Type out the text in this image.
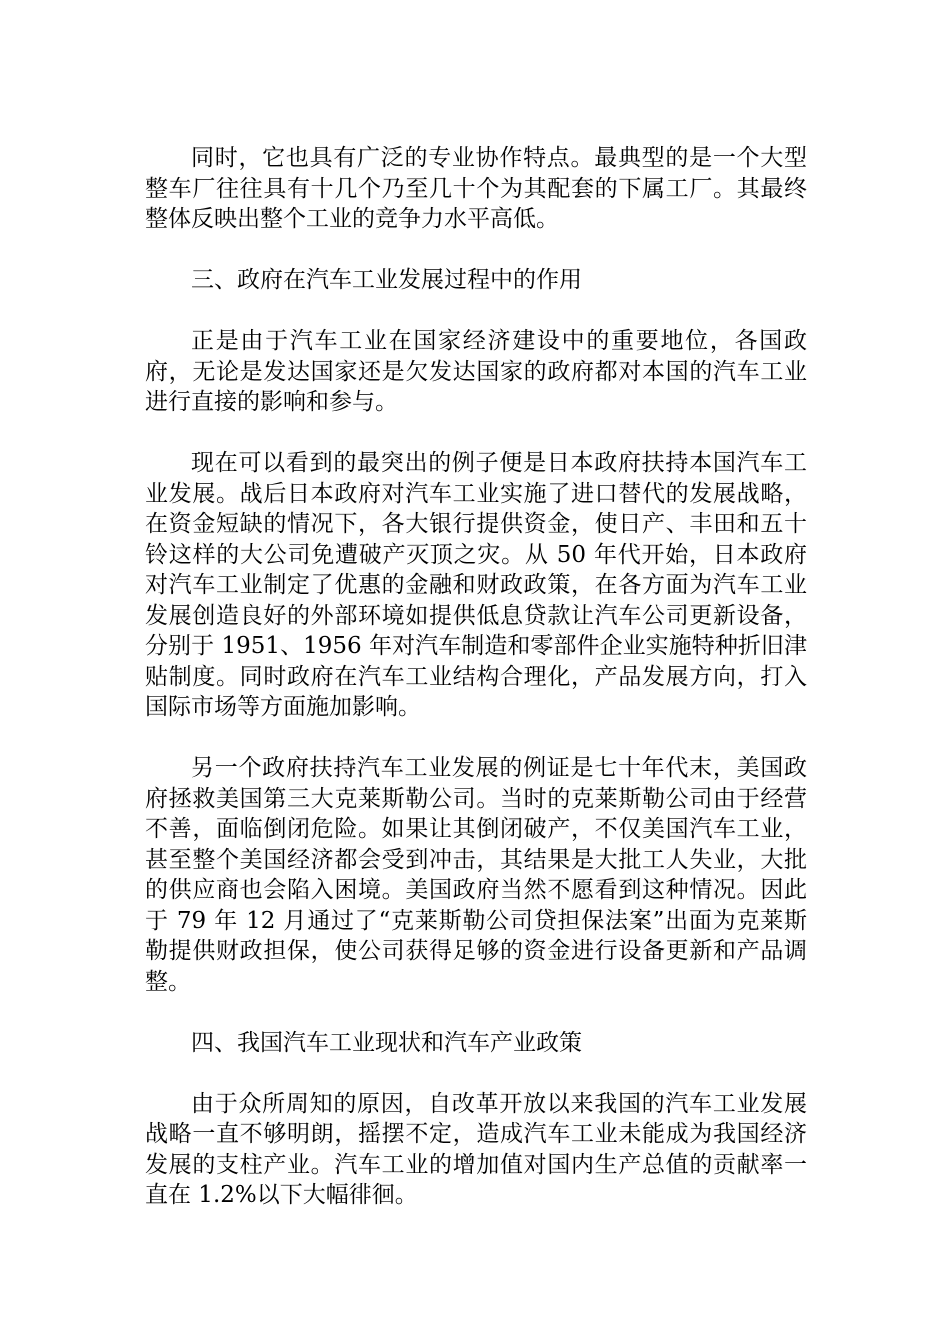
同时，它也具有广泛的专业协作特点。最典型的是一个大型整车厂往往具有十几个乃至几十个为其配套的下属工厂。其最终整体反映出整个工业的竞争力水平高低。

三、政府在汽车工业发展过程中的作用

正是由于汽车工业在国家经济建设中的重要地位，各国政府，无论是发达国家还是欠发达国家的政府都对本国的汽车工业进行直接的影响和参与。

现在可以看到的最突出的例子便是日本政府扶持本国汽车工业发展。战后日本政府对汽车工业实施了进口替代的发展战略，在资金短缺的情况下，各大银行提供资金，使日产、丰田和五十铃这样的大公司免遭破产灭顶之灾。从 50 年代开始，日本政府对汽车工业制定了优惠的金融和财政政策，在各方面为汽车工业发展创造良好的外部环境如提供低息贷款让汽车公司更新设备，分别于 1951、1956 年对汽车制造和零部件企业实施特种折旧津贴制度。同时政府在汽车工业结构合理化，产品发展方向，打入国际市场等方面施加影响。

另一个政府扶持汽车工业发展的例证是七十年代末，美国政府拯救美国第三大克莱斯勒公司。当时的克莱斯勒公司由于经营不善，面临倒闭危险。如果让其倒闭破产，不仅美国汽车工业，甚至整个美国经济都会受到冲击，其结果是大批工人失业，大批的供应商也会陷入困境。美国政府当然不愿看到这种情况。因此于 79 年 12 月通过了“克莱斯勒公司贷担保法案”出面为克莱斯勒提供财政担保，使公司获得足够的资金进行设备更新和产品调整。

四、我国汽车工业现状和汽车产业政策

由于众所周知的原因，自改革开放以来我国的汽车工业发展战略一直不够明朗，摇摆不定，造成汽车工业未能成为我国经济发展的支柱产业。汽车工业的增加值对国内生产总值的贡献率一直在 1.2%以下大幅徘徊。
